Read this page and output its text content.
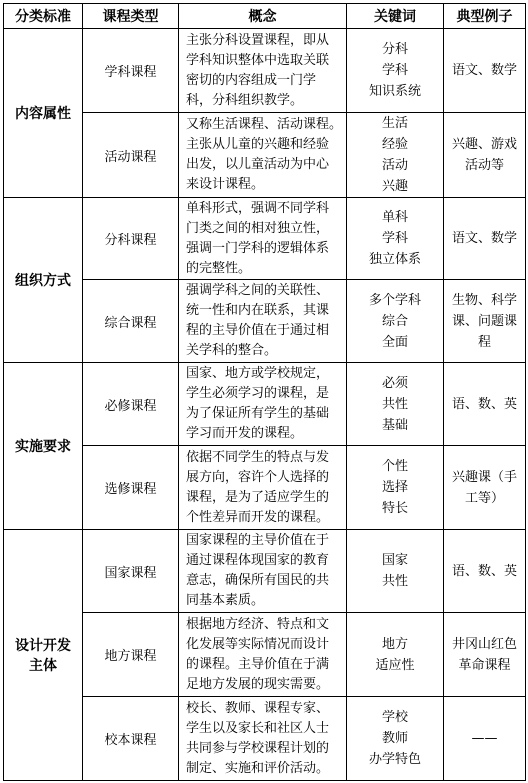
分类标准	课程类型	概念	关键词	典型例子
内容属性	学科课程	主张分科设置课程，即从
学科知识整体中选取关联
密切的内容组成一门学
科，分科组织教学。	分科
学科
知识系统	语文、数学

	活动课程	又称生活课程、活动课程。
主张从儿童的兴趣和经验
出发，以儿童活动为中心
来设计课程。	生活
经验
活动
兴趣	兴趣、游戏
活动等

组织方式	分科课程	单科形式，强调不同学科
门类之间的相对独立性，
强调一门学科的逻辑体系
的完整性。	单科
学科
独立体系	语文、数学

	综合课程	强调学科之间的关联性、
统一性和内在联系，其课
程的主导价值在于通过相
关学科的整合。	多个学科
综合
全面	生物、科学
课、问题课
程

实施要求	必修课程	国家、地方或学校规定，
学生必须学习的课程，是
为了保证所有学生的基础
学习而开发的课程。	必须
共性
基础	语、数、英

	选修课程	依据不同学生的特点与发
展方向，容许个人选择的
课程，是为了适应学生的
个性差异而开发的课程。	个性
选择
特长	兴趣课（手
工等）

设计开发
主体	国家课程	国家课程的主导价值在于
通过课程体现国家的教育
意志，确保所有国民的共
同基本素质。	国家
共性	语、数、英

	地方课程	根据地方经济、特点和文
化发展等实际情况而设计
的课程。主导价值在于满
足地方发展的现实需要。	地方
适应性	井冈山红色
革命课程

	校本课程	校长、教师、课程专家、
学生以及家长和社区人士
共同参与学校课程计划的
制定、实施和评价活动。	学校
教师
办学特色	——
